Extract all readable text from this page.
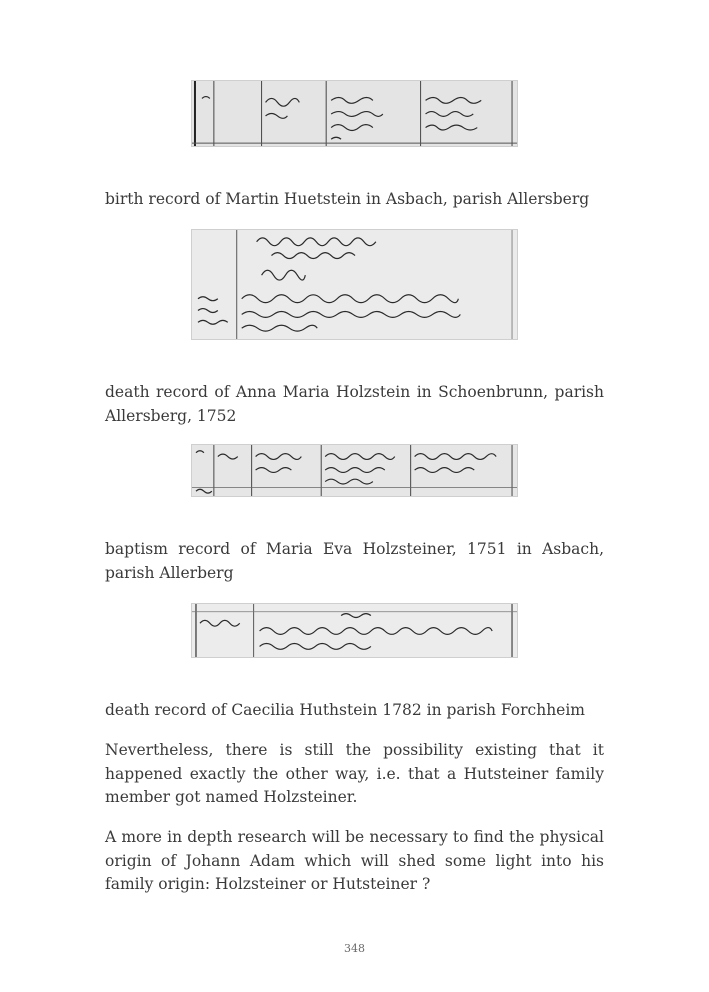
birth record of Martin Huetstein in Asbach, parish Allersberg

death record of Anna Maria Holzstein in Schoenbrunn, parish Allersberg, 1752

baptism record of Maria Eva Holzsteiner, 1751 in Asbach, parish Allerberg

death record of Caecilia Huthstein 1782 in parish Forchheim

Nevertheless, there is still the possibility existing that it happened exactly the other way, i.e. that a Hutsteiner family member got named Holzsteiner.

A more in depth research will be necessary to find the physical origin of Johann Adam which will shed some light into his family origin: Holzsteiner or Hutsteiner ?

348
